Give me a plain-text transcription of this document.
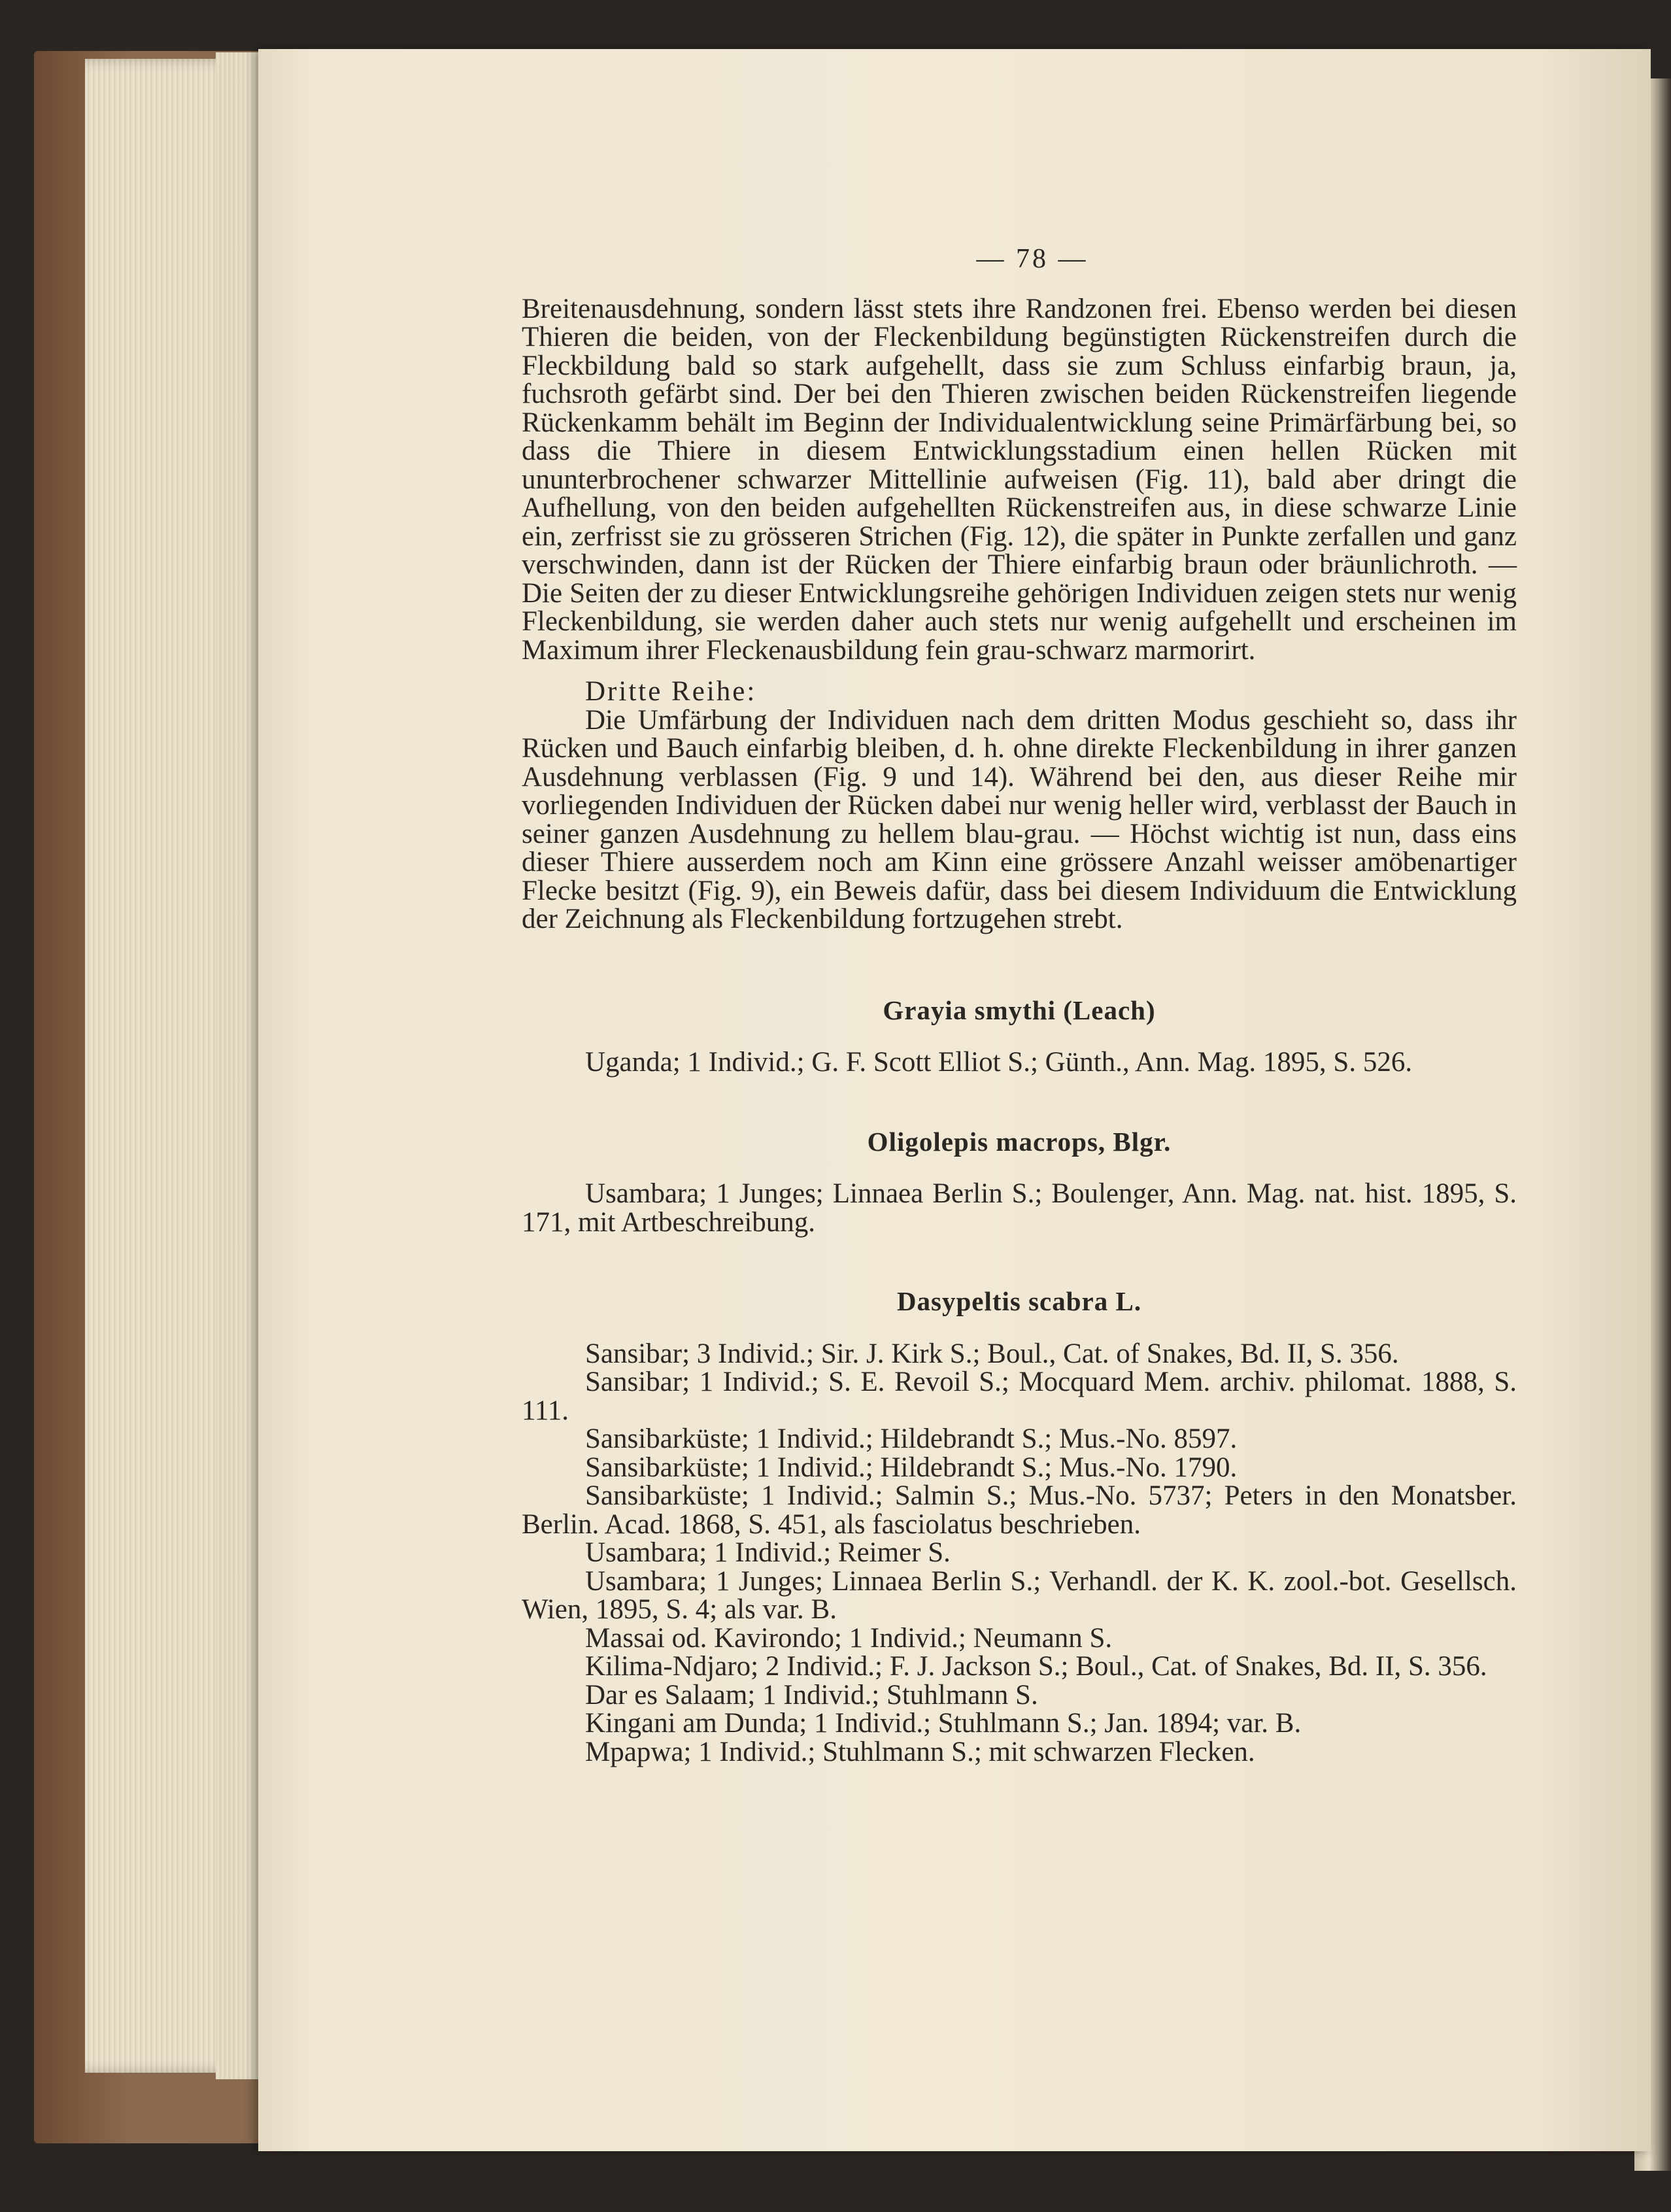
— 78 —

Breitenausdehnung, sondern lässt stets ihre Randzonen frei. Ebenso werden bei diesen Thieren die beiden, von der Fleckenbildung begünstigten Rückenstreifen durch die Fleckbildung bald so stark aufgehellt, dass sie zum Schluss einfarbig braun, ja, fuchsroth gefärbt sind. Der bei den Thieren zwischen beiden Rückenstreifen liegende Rückenkamm behält im Beginn der Individualentwicklung seine Primärfärbung bei, so dass die Thiere in diesem Entwicklungsstadium einen hellen Rücken mit ununterbrochener schwarzer Mittellinie aufweisen (Fig. 11), bald aber dringt die Aufhellung, von den beiden aufgehellten Rückenstreifen aus, in diese schwarze Linie ein, zerfrisst sie zu grösseren Strichen (Fig. 12), die später in Punkte zerfallen und ganz verschwinden, dann ist der Rücken der Thiere einfarbig braun oder bräunlichroth. — Die Seiten der zu dieser Entwicklungsreihe gehörigen Individuen zeigen stets nur wenig Fleckenbildung, sie werden daher auch stets nur wenig aufgehellt und erscheinen im Maximum ihrer Fleckenausbildung fein grau-schwarz marmorirt.

Dritte Reihe:

Die Umfärbung der Individuen nach dem dritten Modus geschieht so, dass ihr Rücken und Bauch einfarbig bleiben, d. h. ohne direkte Fleckenbildung in ihrer ganzen Ausdehnung verblassen (Fig. 9 und 14). Während bei den, aus dieser Reihe mir vorliegenden Individuen der Rücken dabei nur wenig heller wird, verblasst der Bauch in seiner ganzen Ausdehnung zu hellem blau-grau. — Höchst wichtig ist nun, dass eins dieser Thiere ausserdem noch am Kinn eine grössere Anzahl weisser amöbenartiger Flecke besitzt (Fig. 9), ein Beweis dafür, dass bei diesem Individuum die Entwicklung der Zeichnung als Fleckenbildung fortzugehen strebt.

Grayia smythi (Leach)

Uganda; 1 Individ.; G. F. Scott Elliot S.; Günth., Ann. Mag. 1895, S. 526.

Oligolepis macrops, Blgr.

Usambara; 1 Junges; Linnaea Berlin S.; Boulenger, Ann. Mag. nat. hist. 1895, S. 171, mit Artbeschreibung.

Dasypeltis scabra L.

Sansibar; 3 Individ.; Sir. J. Kirk S.; Boul., Cat. of Snakes, Bd. II, S. 356.

Sansibar; 1 Individ.; S. E. Revoil S.; Mocquard Mem. archiv. philomat. 1888, S. 111.

Sansibarküste; 1 Individ.; Hildebrandt S.; Mus.-No. 8597.

Sansibarküste; 1 Individ.; Hildebrandt S.; Mus.-No. 1790.

Sansibarküste; 1 Individ.; Salmin S.; Mus.-No. 5737; Peters in den Monatsber. Berlin. Acad. 1868, S. 451, als fasciolatus beschrieben.

Usambara; 1 Individ.; Reimer S.

Usambara; 1 Junges; Linnaea Berlin S.; Verhandl. der K. K. zool.-bot. Gesellsch. Wien, 1895, S. 4; als var. B.

Massai od. Kavirondo; 1 Individ.; Neumann S.

Kilima-Ndjaro; 2 Individ.; F. J. Jackson S.; Boul., Cat. of Snakes, Bd. II, S. 356.

Dar es Salaam; 1 Individ.; Stuhlmann S.

Kingani am Dunda; 1 Individ.; Stuhlmann S.; Jan. 1894; var. B.

Mpapwa; 1 Individ.; Stuhlmann S.; mit schwarzen Flecken.
